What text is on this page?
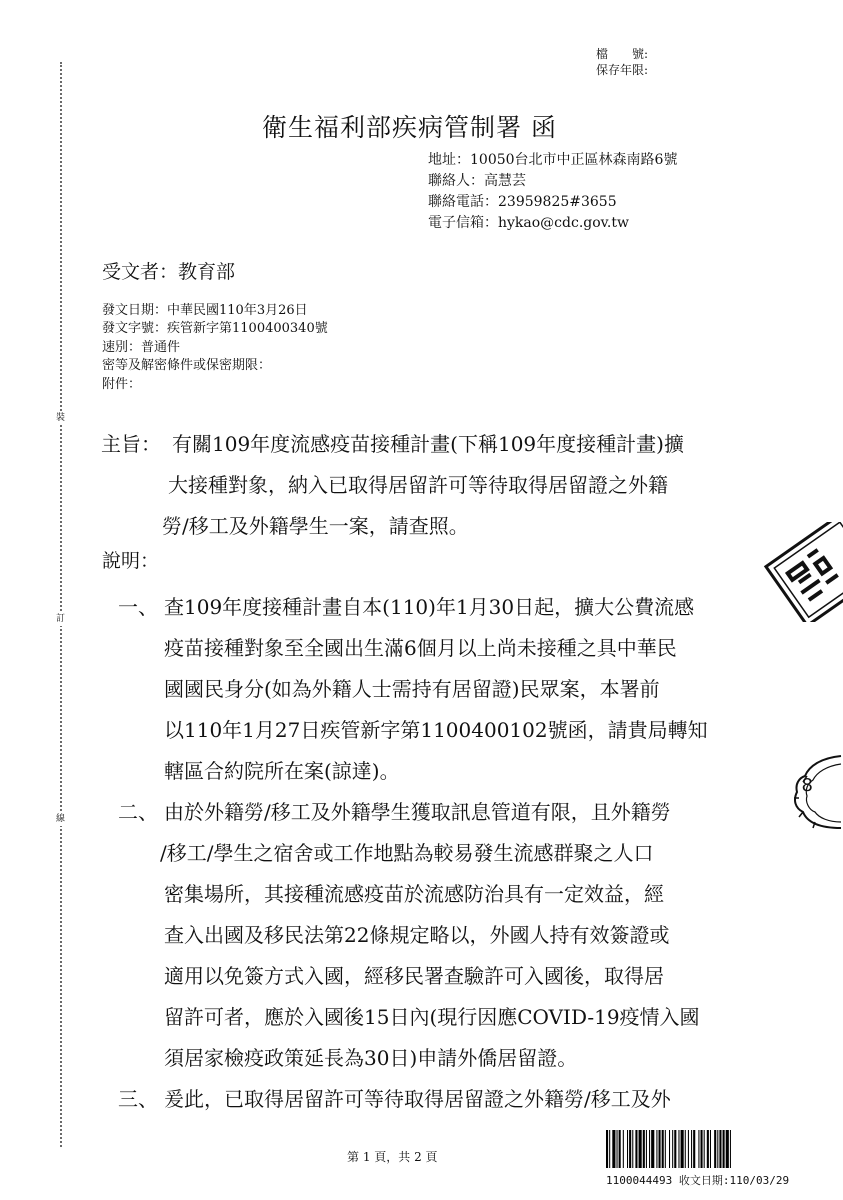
裝
訂
線
檔　　號:
保存年限:
衛生福利部疾病管制署 函
地址：10050台北市中正區林森南路6號
聯絡人：高慧芸
聯絡電話：23959825#3655
電子信箱：hykao@cdc.gov.tw
受文者：教育部
發文日期：中華民國110年3月26日
發文字號：疾管新字第1100400340號
速別：普通件
密等及解密條件或保密期限：
附件：
主旨： 有關109年度流感疫苗接種計畫(下稱109年度接種計畫)擴
大接種對象，納入已取得居留許可等待取得居留證之外籍
勞/移工及外籍學生一案，請查照。
說明：
一、 查109年度接種計畫自本(110)年1月30日起，擴大公費流感
疫苗接種對象至全國出生滿6個月以上尚未接種之具中華民
國國民身分(如為外籍人士需持有居留證)民眾案，本署前
以110年1月27日疾管新字第1100400102號函，請貴局轉知
轄區合約院所在案(諒達)。
二、 由於外籍勞/移工及外籍學生獲取訊息管道有限，且外籍勞
/移工/學生之宿舍或工作地點為較易發生流感群聚之人口
密集場所，其接種流感疫苗於流感防治具有一定效益，經
查入出國及移民法第22條規定略以，外國人持有效簽證或
適用以免簽方式入國，經移民署查驗許可入國後，取得居
留許可者，應於入國後15日內(現行因應COVID-19疫情入國
須居家檢疫政策延長為30日)申請外僑居留證。
三、 爰此，已取得居留許可等待取得居留證之外籍勞/移工及外
8
第 1 頁，共 2 頁
1100044493 收文日期:110/03/29
